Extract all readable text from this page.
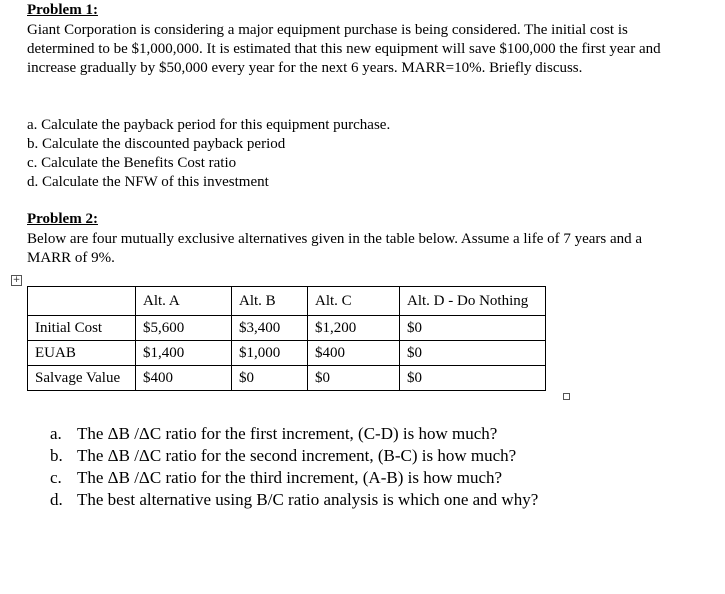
Problem 1:
Giant Corporation is considering a major equipment purchase is being considered. The initial cost is determined to be $1,000,000. It is estimated that this new equipment will save $100,000 the first year and increase gradually by $50,000 every year for the next 6 years. MARR=10%. Briefly discuss.
a. Calculate the payback period for this equipment purchase.
b. Calculate the discounted payback period
c. Calculate the Benefits Cost ratio
d. Calculate the NFW of this investment
Problem 2:
Below are four mutually exclusive alternatives given in the table below. Assume a life of 7 years and a MARR of 9%.
+
	Alt. A	Alt. B	Alt. C	Alt. D - Do Nothing
Initial Cost	$5,600	$3,400	$1,200	$0
EUAB	$1,400	$1,000	$400	$0
Salvage Value	$400	$0	$0	$0
a. The ΔB /ΔC ratio for the first increment, (C-D) is how much?
b. The ΔB /ΔC ratio for the second increment, (B-C) is how much?
c. The ΔB /ΔC ratio for the third increment, (A-B) is how much?
d. The best alternative using B/C ratio analysis is which one and why?
